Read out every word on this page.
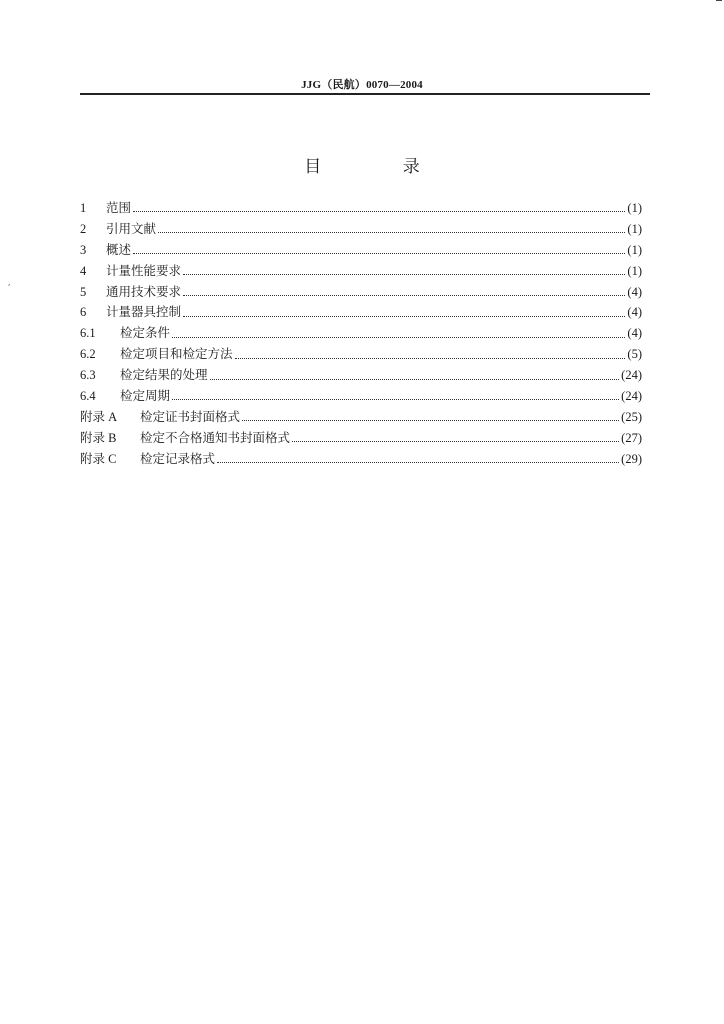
JJG（民航）0070—2004
目 录
,
1	范围	(1)
2	引用文献	(1)
3	概述	(1)
4	计量性能要求	(1)
5	通用技术要求	(4)
6	计量器具控制	(4)
6.1	检定条件	(4)
6.2	检定项目和检定方法	(5)
6.3	检定结果的处理	(24)
6.4	检定周期	(24)
附录 A	检定证书封面格式	(25)
附录 B	检定不合格通知书封面格式	(27)
附录 C	检定记录格式	(29)
